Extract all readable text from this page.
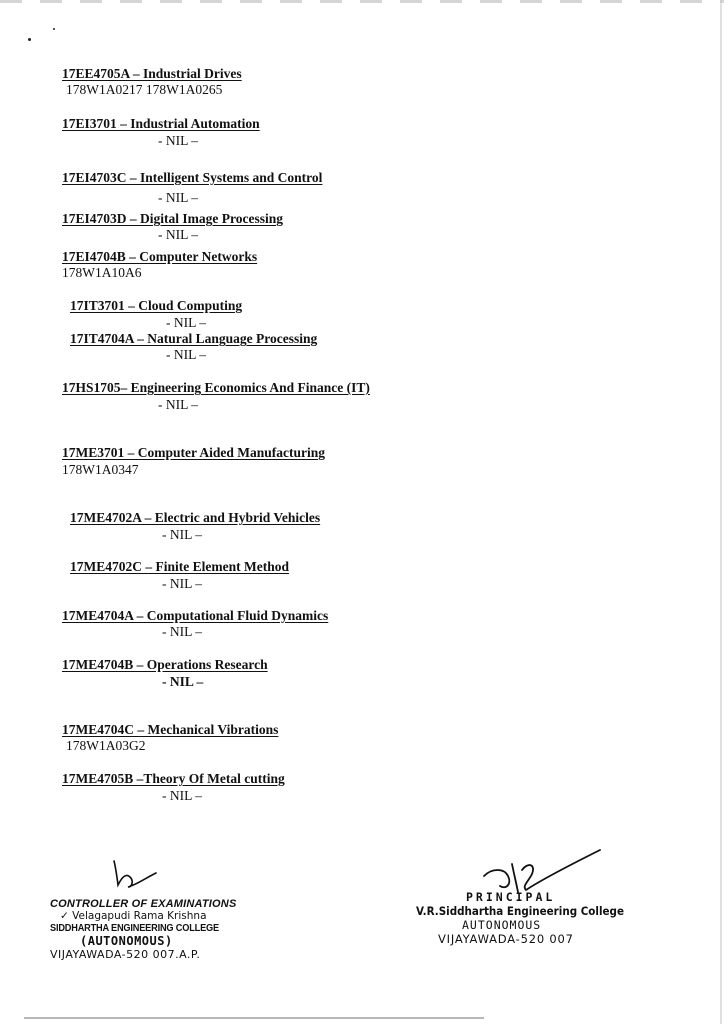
17EE4705A – Industrial Drives
178W1A0217 178W1A0265
17EI3701 – Industrial Automation
- NIL –
17EI4703C – Intelligent Systems and Control
- NIL –
17EI4703D – Digital Image Processing
- NIL –
17EI4704B – Computer Networks
178W1A10A6
17IT3701 – Cloud Computing
- NIL –
17IT4704A – Natural Language Processing
- NIL –
17HS1705– Engineering Economics And Finance (IT)
- NIL –
17ME3701 – Computer Aided Manufacturing
178W1A0347
17ME4702A – Electric and Hybrid Vehicles
- NIL –
17ME4702C – Finite Element Method
- NIL –
17ME4704A – Computational Fluid Dynamics
- NIL –
17ME4704B – Operations Research
- NIL –
17ME4704C – Mechanical Vibrations
178W1A03G2
17ME4705B –Theory Of Metal cutting
- NIL –
CONTROLLER OF EXAMINATIONS
✓ Velagapudi Rama Krishna
SIDDHARTHA ENGINEERING COLLEGE
(AUTONOMOUS)
VIJAYAWADA-520 007.A.P.
PRINCIPAL
V.R.Siddhartha Engineering College
AUTONOMOUS
VIJAYAWADA-520 007
